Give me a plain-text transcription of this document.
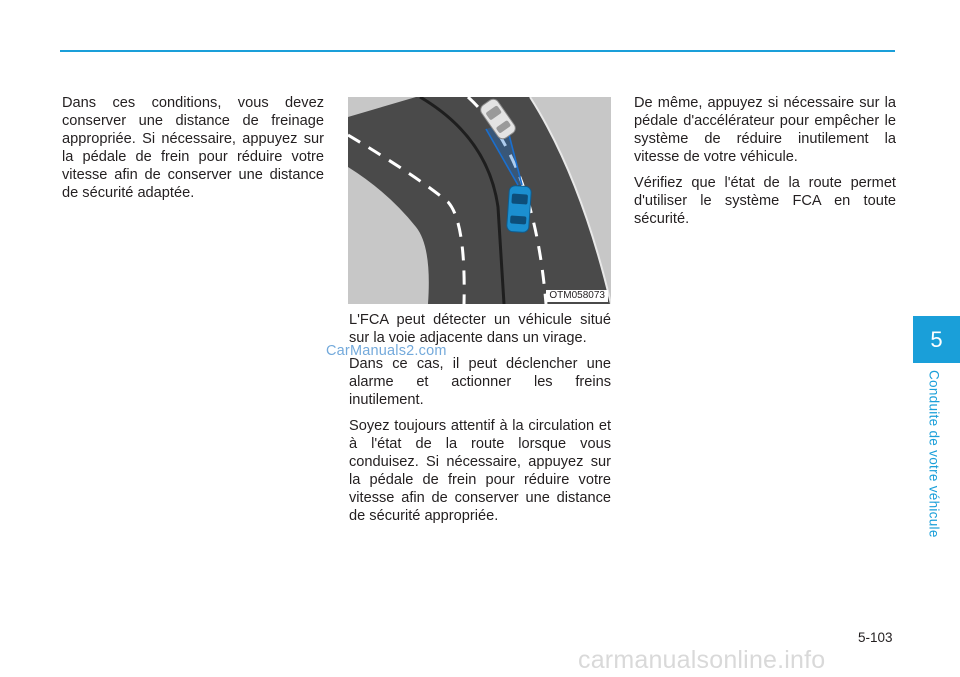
Dans ces conditions, vous devez conserver une distance de freinage appropriée. Si nécessaire, appuyez sur la pédale de frein pour réduire votre vitesse afin de conserver une distance de sécurité adaptée.

OTM058073

L'FCA peut détecter un véhicule situé sur la voie adjacente dans un virage.

Dans ce cas, il peut déclencher une alarme et actionner les freins inutilement.

Soyez toujours attentif à la circulation et à l'état de la route lorsque vous conduisez. Si nécessaire, appuyez sur la pédale de frein pour réduire votre vitesse afin de conserver une distance de sécurité appropriée.

CarManuals2.com

De même, appuyez si nécessaire sur la pédale d'accélérateur pour empêcher le système de réduire inutilement la vitesse de votre véhicule.

Vérifiez que l'état de la route permet d'utiliser le système FCA en toute sécurité.

5
Conduite de votre véhicule
5-103
carmanualsonline.info
